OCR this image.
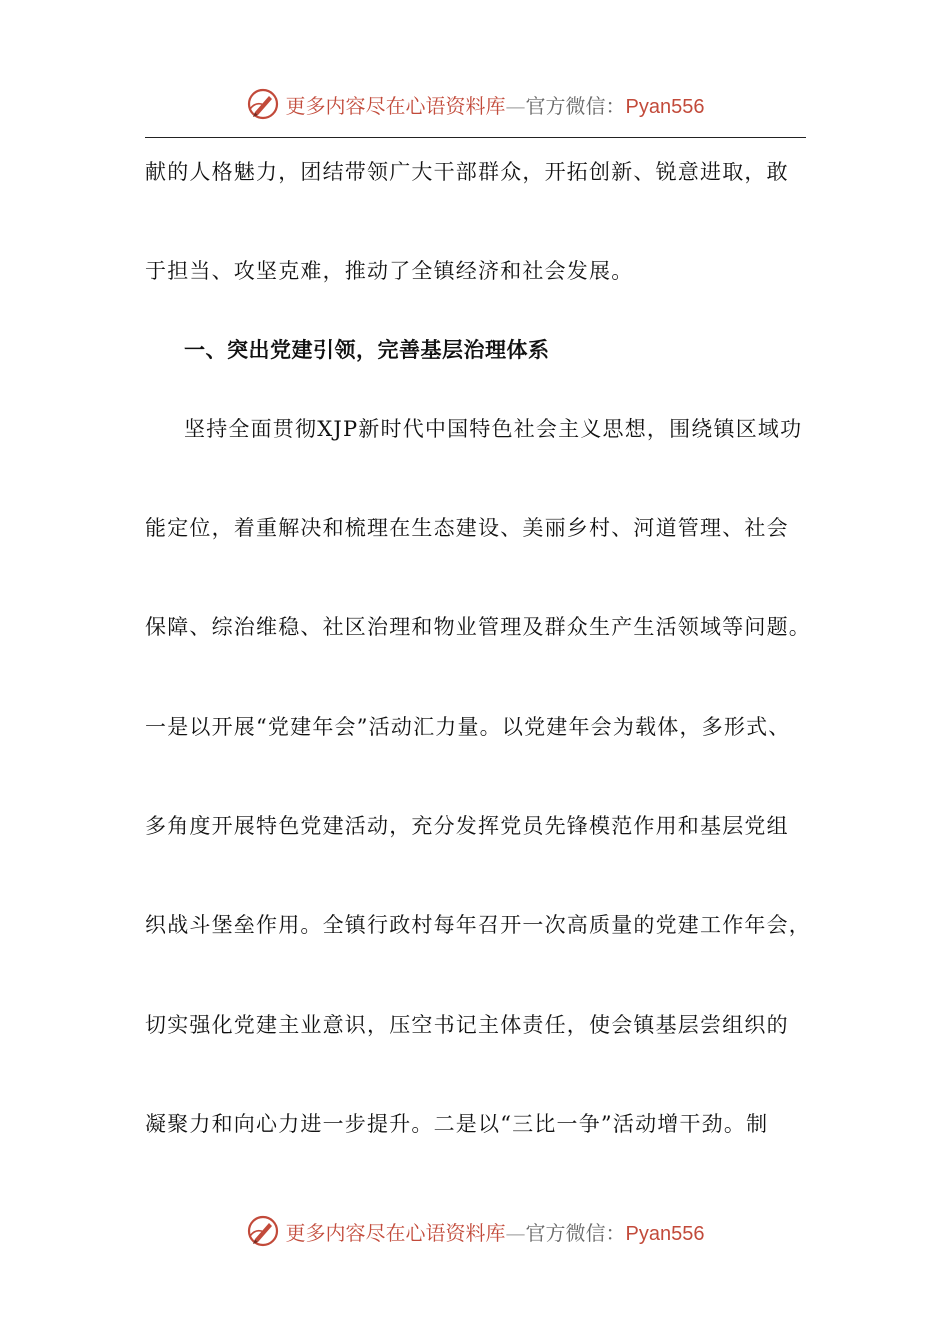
更多内容尽在心语资料库—官方微信：Pyan556
献的人格魅力，团结带领广大干部群众，开拓创新、锐意进取，敢
于担当、攻坚克难，推动了全镇经济和社会发展。
一、突出党建引领，完善基层治理体系
坚持全面贯彻XJP新时代中国特色社会主义思想，围绕镇区域功
能定位，着重解决和梳理在生态建设、美丽乡村、河道管理、社会
保障、综治维稳、社区治理和物业管理及群众生产生活领域等问题。
一是以开展“党建年会”活动汇力量。以党建年会为载体，多形式、
多角度开展特色党建活动，充分发挥党员先锋模范作用和基层党组
织战斗堡垒作用。全镇行政村每年召开一次高质量的党建工作年会，
切实强化党建主业意识，压空书记主体责任，使会镇基层尝组织的
凝聚力和向心力进一步提升。二是以“三比一争”活动增干劲。制
更多内容尽在心语资料库—官方微信：Pyan556
